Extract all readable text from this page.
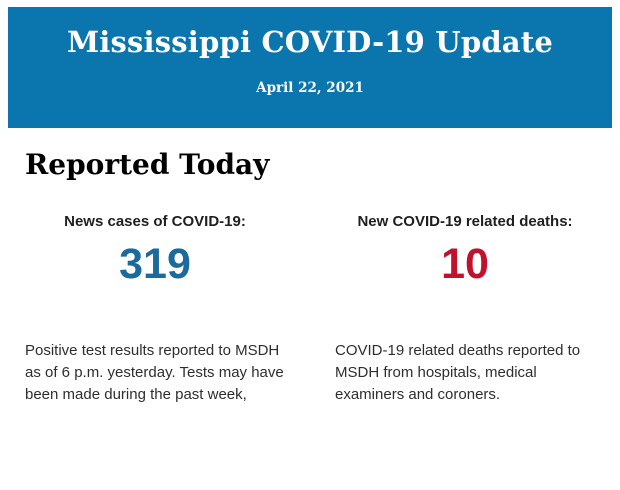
Mississippi COVID-19 Update
April 22, 2021
Reported Today
News cases of COVID-19:
319
New COVID-19 related deaths:
10
Positive test results reported to MSDH as of 6 p.m. yesterday. Tests may have been made during the past week,
COVID-19 related deaths reported to MSDH from hospitals, medical examiners and coroners.
